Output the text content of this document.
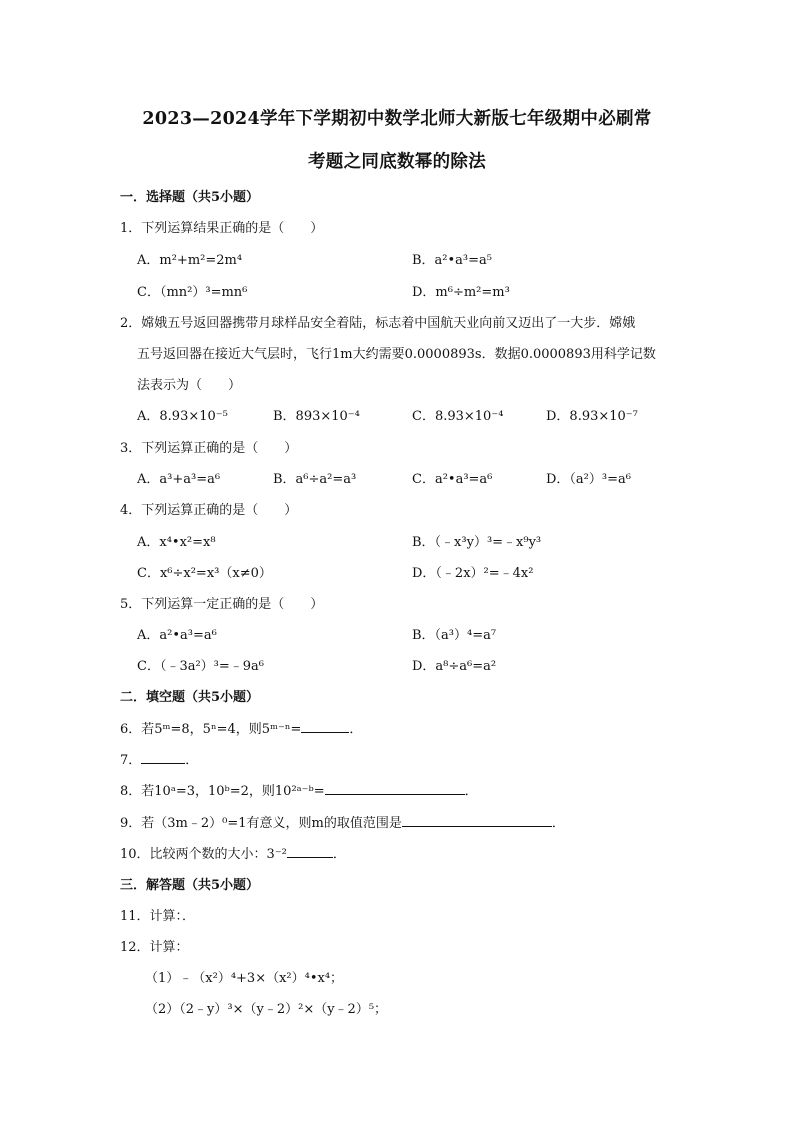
2023—2024学年下学期初中数学北师大新版七年级期中必刷常
考题之同底数幂的除法
一．选择题（共5小题）
1．下列运算结果正确的是（　　）
A．m²+m²=2m⁴	B．a²•a³=a⁵
C．（mn²）³=mn⁶	D．m⁶÷m²=m³
2．嫦娥五号返回器携带月球样品安全着陆，标志着中国航天业向前又迈出了一大步．嫦娥
五号返回器在接近大气层时，飞行1m大约需要0.0000893s．数据0.0000893用科学记数
法表示为（　　）
A．8.93×10⁻⁵	B．893×10⁻⁴	C．8.93×10⁻⁴	D．8.93×10⁻⁷
3．下列运算正确的是（　　）
A．a³+a³=a⁶	B．a⁶÷a²=a³	C．a²•a³=a⁶	D．（a²）³=a⁶
4．下列运算正确的是（　　）
A．x⁴•x²=x⁸	B．（﹣x³y）³=﹣x⁹y³
C．x⁶÷x²=x³（x≠0）	D．（﹣2x）²=﹣4x²
5．下列运算一定正确的是（　　）
A．a²•a³=a⁶	B．（a³）⁴=a⁷
C．（﹣3a²）³=﹣9a⁶	D．a⁸÷a⁶=a²
二．填空题（共5小题）
6．若5ᵐ=8，5ⁿ=4，则5ᵐ⁻ⁿ=	．
7．	．
8．若10ᵃ=3，10ᵇ=2，则10²ᵃ⁻ᵇ=	．
9．若（3m﹣2）⁰=1有意义，则m的取值范围是	．
10．比较两个数的大小：3⁻²	．
三．解答题（共5小题）
11．计算：．
12．计算：
（1）﹣（x²）⁴+3×（x²）⁴•x⁴；
（2）（2﹣y）³×（y﹣2）²×（y﹣2）⁵；
